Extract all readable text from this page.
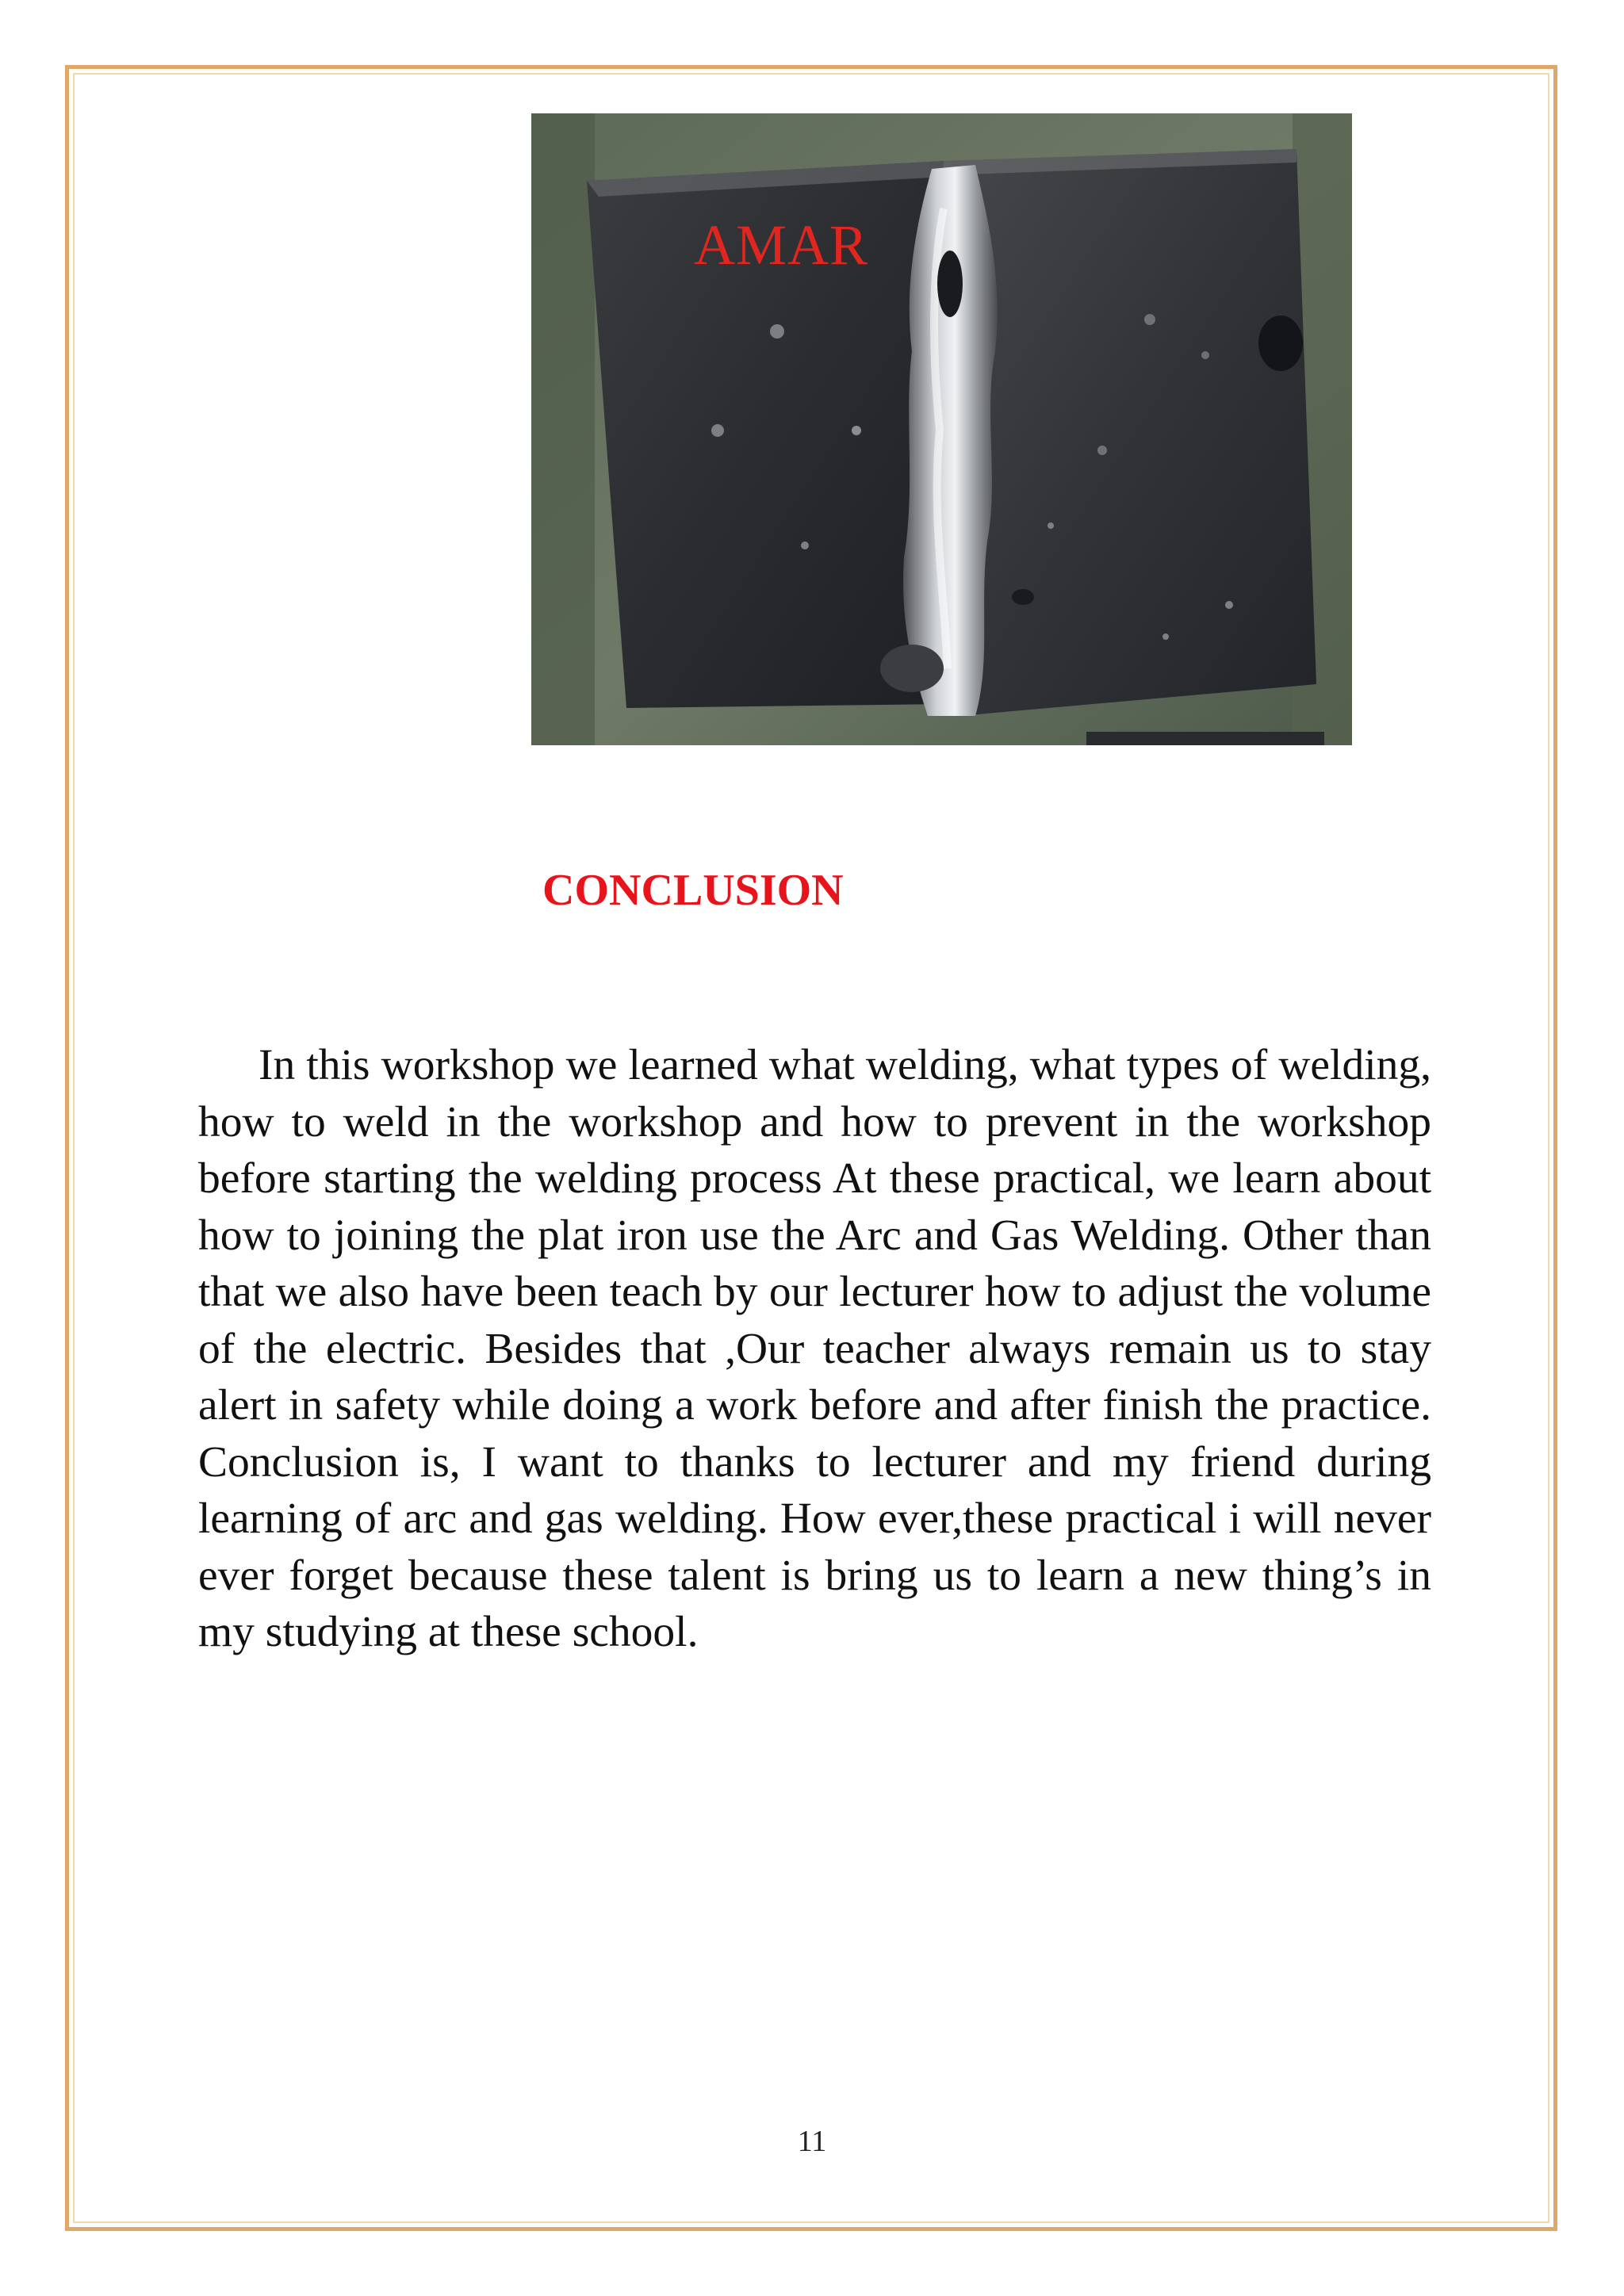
AMAR
CONCLUSION

In this workshop we learned what welding, what types of welding, how to weld in the workshop and how to prevent in the workshop before starting the welding process At these practical, we learn about how to joining the plat iron use the Arc and Gas Welding. Other than that we also have been teach by our lecturer how to adjust the volume of the electric. Besides that ,Our teacher always remain us to stay alert in safety while doing a work before and after finish the practice. Conclusion is, I want to thanks to lecturer and my friend during learning of arc and gas welding. How ever,these practical i will never ever forget because these talent is bring us to learn a new thing’s in my studying at these school.

11
